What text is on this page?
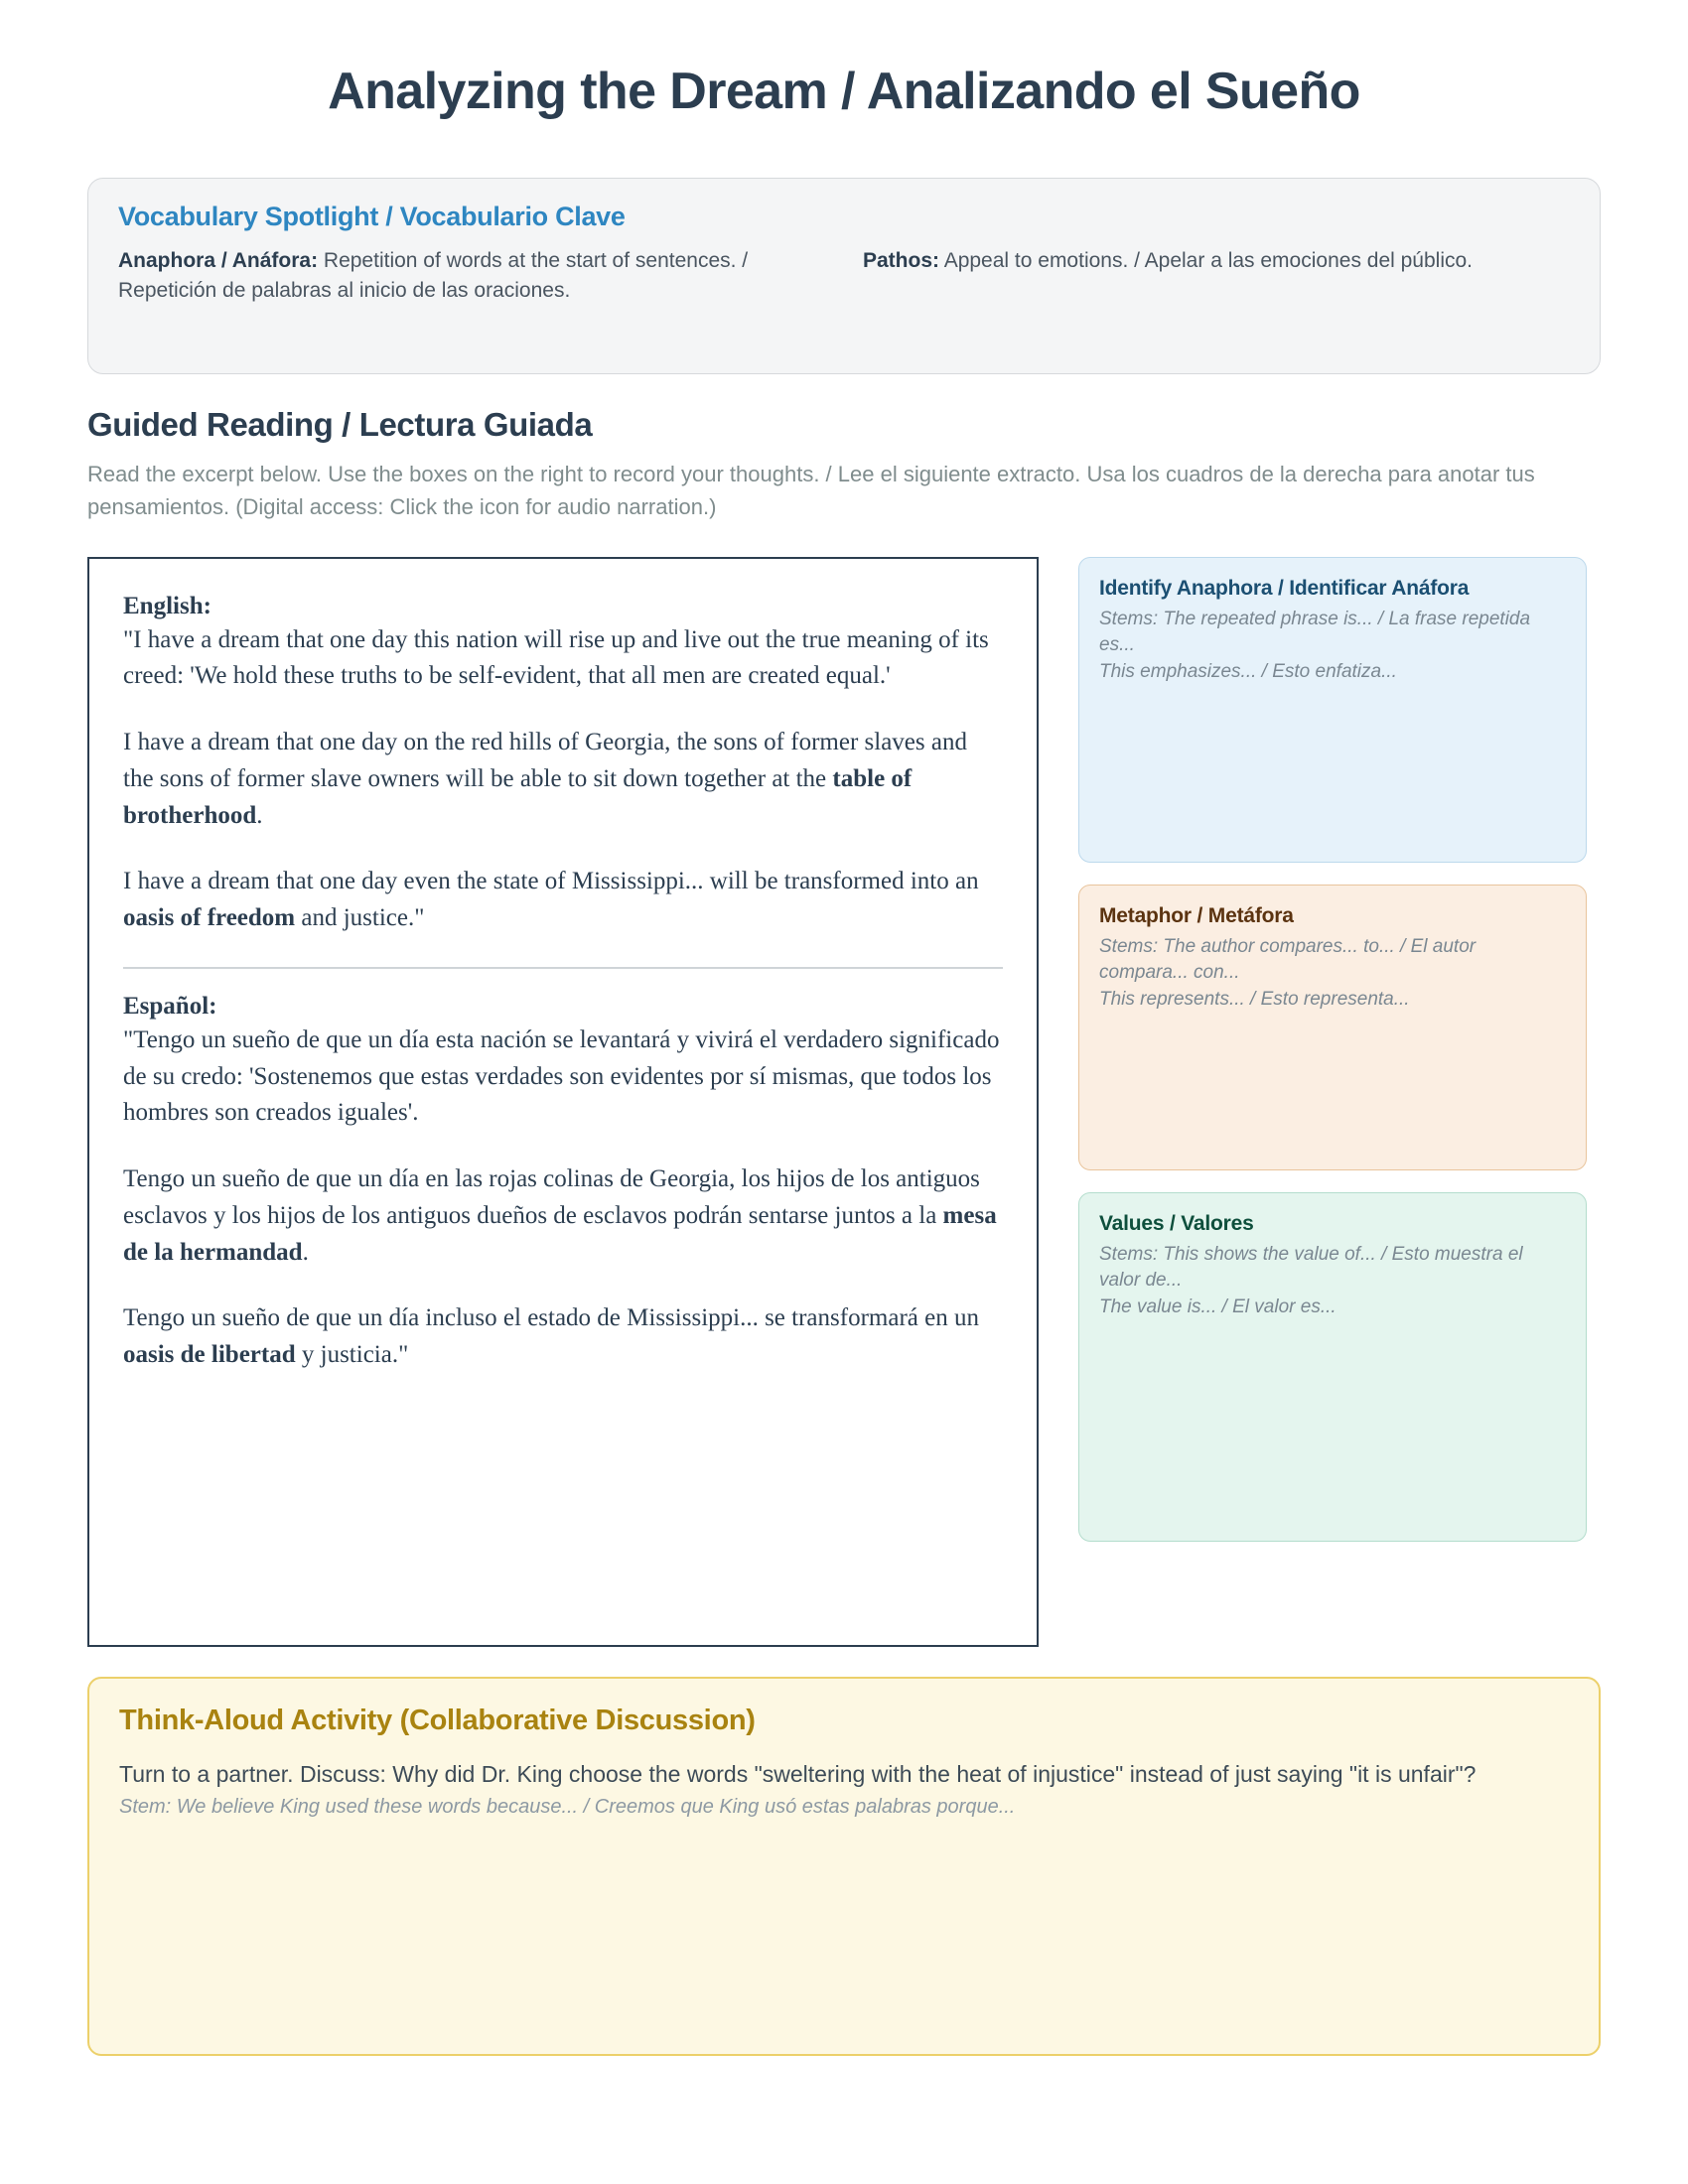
Analyzing the Dream / Analizando el Sueño
Vocabulary Spotlight / Vocabulario Clave
Anaphora / Anáfora: Repetition of words at the start of sentences. / Repetición de palabras al inicio de las oraciones.
Pathos: Appeal to emotions. / Apelar a las emociones del público.
Guided Reading / Lectura Guiada

Read the excerpt below. Use the boxes on the right to record your thoughts. / Lee el siguiente extracto. Usa los cuadros de la derecha para anotar tus pensamientos. (Digital access: Click the icon for audio narration.)

English:

"I have a dream that one day this nation will rise up and live out the true meaning of its creed: 'We hold these truths to be self-evident, that all men are created equal.'

I have a dream that one day on the red hills of Georgia, the sons of former slaves and the sons of former slave owners will be able to sit down together at the table of brotherhood.

I have a dream that one day even the state of Mississippi... will be transformed into an oasis of freedom and justice."

Español:

"Tengo un sueño de que un día esta nación se levantará y vivirá el verdadero significado de su credo: 'Sostenemos que estas verdades son evidentes por sí mismas, que todos los hombres son creados iguales'.

Tengo un sueño de que un día en las rojas colinas de Georgia, los hijos de los antiguos esclavos y los hijos de los antiguos dueños de esclavos podrán sentarse juntos a la mesa de la hermandad.

Tengo un sueño de que un día incluso el estado de Mississippi... se transformará en un oasis de libertad y justicia."

Identify Anaphora / Identificar Anáfora

Stems: The repeated phrase is... / La frase repetida es...

This emphasizes... / Esto enfatiza...

Metaphor / Metáfora

Stems: The author compares... to... / El autor compara... con...

This represents... / Esto representa...

Values / Valores

Stems: This shows the value of... / Esto muestra el valor de...

The value is... / El valor es...

Think-Aloud Activity (Collaborative Discussion)

Turn to a partner. Discuss: Why did Dr. King choose the words "sweltering with the heat of injustice" instead of just saying "it is unfair"?

Stem: We believe King used these words because... / Creemos que King usó estas palabras porque...
